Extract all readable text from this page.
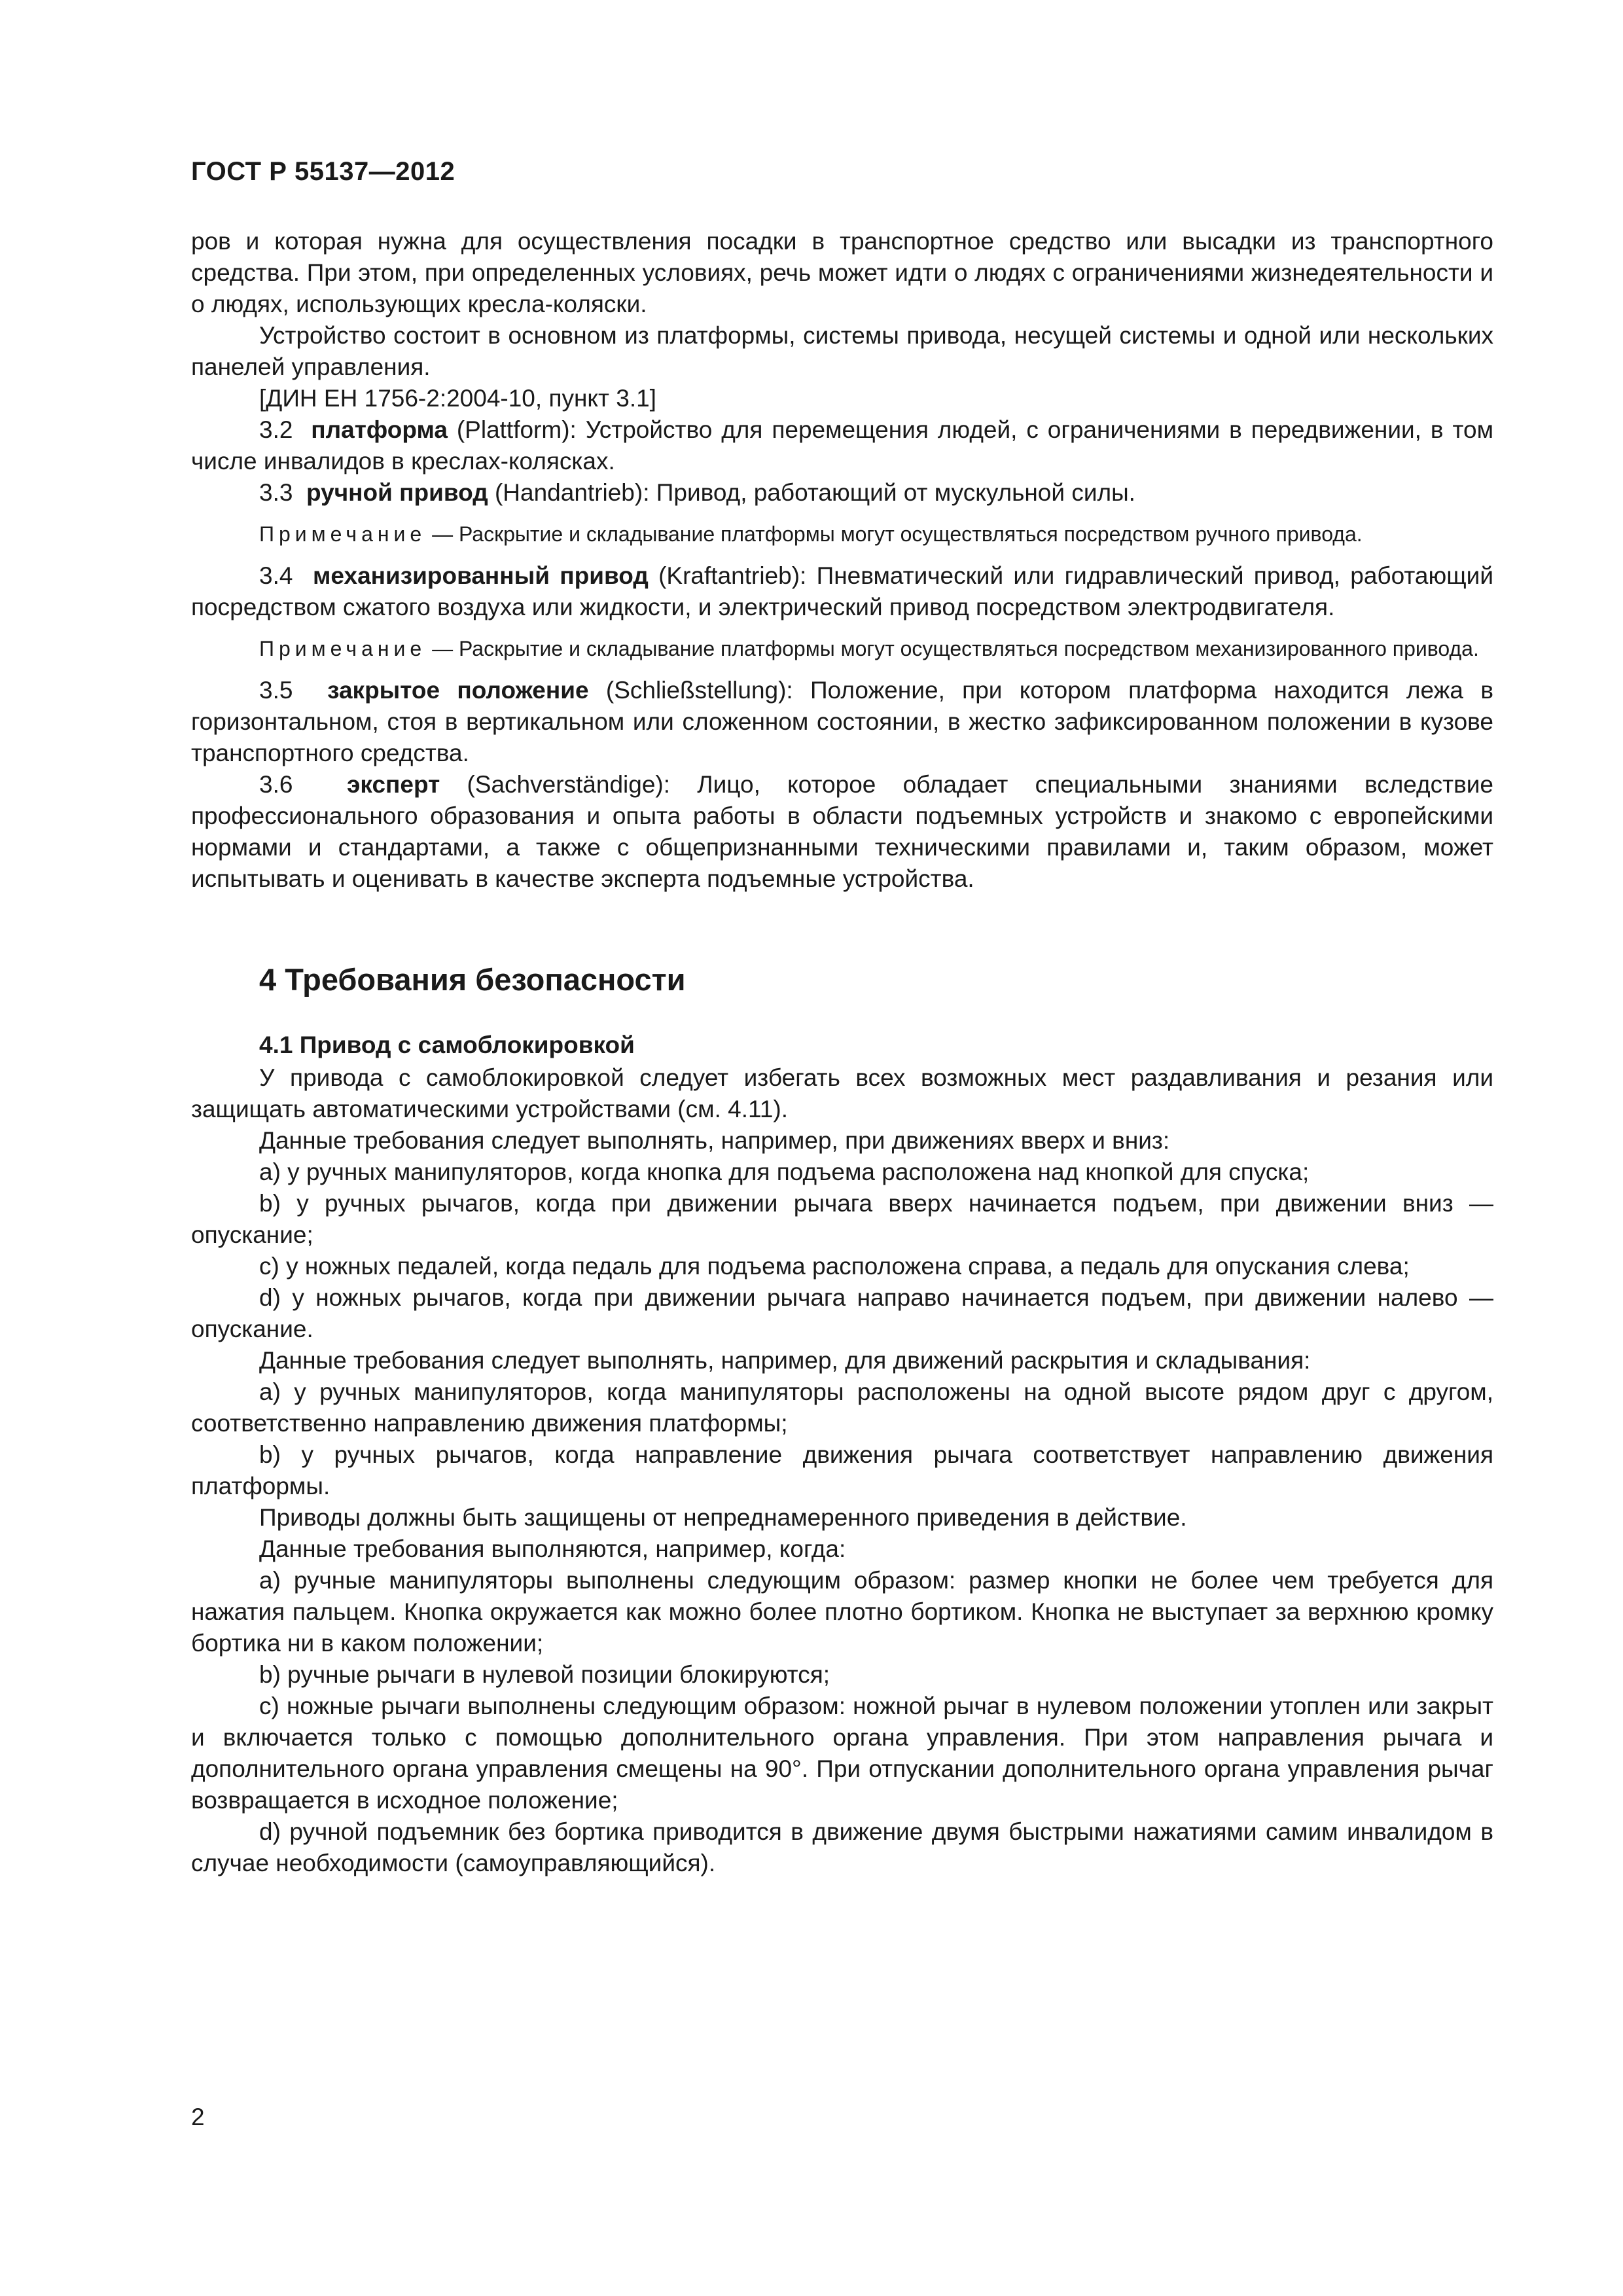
ГОСТ Р 55137—2012

ров и которая нужна для осуществления посадки в транспортное средство или высадки из транспортного средства. При этом, при определенных условиях, речь может идти о людях с ограничениями жизнедеятельности и о людях, использующих кресла-коляски.

Устройство состоит в основном из платформы, системы привода, несущей системы и одной или нескольких панелей управления.

[ДИН ЕН 1756-2:2004-10, пункт 3.1]

3.2 платформа (Plattform): Устройство для перемещения людей, с ограничениями в передвижении, в том числе инвалидов в креслах-колясках.

3.3 ручной привод (Handantrieb): Привод, работающий от мускульной силы.

Примечание — Раскрытие и складывание платформы могут осуществляться посредством ручного привода.

3.4 механизированный привод (Kraftantrieb): Пневматический или гидравлический привод, работающий посредством сжатого воздуха или жидкости, и электрический привод посредством электродвигателя.

Примечание — Раскрытие и складывание платформы могут осуществляться посредством механизированного привода.

3.5 закрытое положение (Schließstellung): Положение, при котором платформа находится лежа в горизонтальном, стоя в вертикальном или сложенном состоянии, в жестко зафиксированном положении в кузове транспортного средства.

3.6 эксперт (Sachverständige): Лицо, которое обладает специальными знаниями вследствие профессионального образования и опыта работы в области подъемных устройств и знакомо с европейскими нормами и стандартами, а также с общепризнанными техническими правилами и, таким образом, может испытывать и оценивать в качестве эксперта подъемные устройства.

4 Требования безопасности

4.1 Привод с самоблокировкой

У привода с самоблокировкой следует избегать всех возможных мест раздавливания и резания или защищать автоматическими устройствами (см. 4.11).

Данные требования следует выполнять, например, при движениях вверх и вниз:

a) у ручных манипуляторов, когда кнопка для подъема расположена над кнопкой для спуска;

b) у ручных рычагов, когда при движении рычага вверх начинается подъем, при движении вниз — опускание;

c) у ножных педалей, когда педаль для подъема расположена справа, а педаль для опускания слева;

d) у ножных рычагов, когда при движении рычага направо начинается подъем, при движении налево — опускание.

Данные требования следует выполнять, например, для движений раскрытия и складывания:

a) у ручных манипуляторов, когда манипуляторы расположены на одной высоте рядом друг с другом, соответственно направлению движения платформы;

b) у ручных рычагов, когда направление движения рычага соответствует направлению движения платформы.

Приводы должны быть защищены от непреднамеренного приведения в действие.

Данные требования выполняются, например, когда:

a) ручные манипуляторы выполнены следующим образом: размер кнопки не более чем требуется для нажатия пальцем. Кнопка окружается как можно более плотно бортиком. Кнопка не выступает за верхнюю кромку бортика ни в каком положении;

b) ручные рычаги в нулевой позиции блокируются;

c) ножные рычаги выполнены следующим образом: ножной рычаг в нулевом положении утоплен или закрыт и включается только с помощью дополнительного органа управления. При этом направления рычага и дополнительного органа управления смещены на 90°. При отпускании дополнительного органа управления рычаг возвращается в исходное положение;

d) ручной подъемник без бортика приводится в движение двумя быстрыми нажатиями самим инвалидом в случае необходимости (самоуправляющийся).

2
